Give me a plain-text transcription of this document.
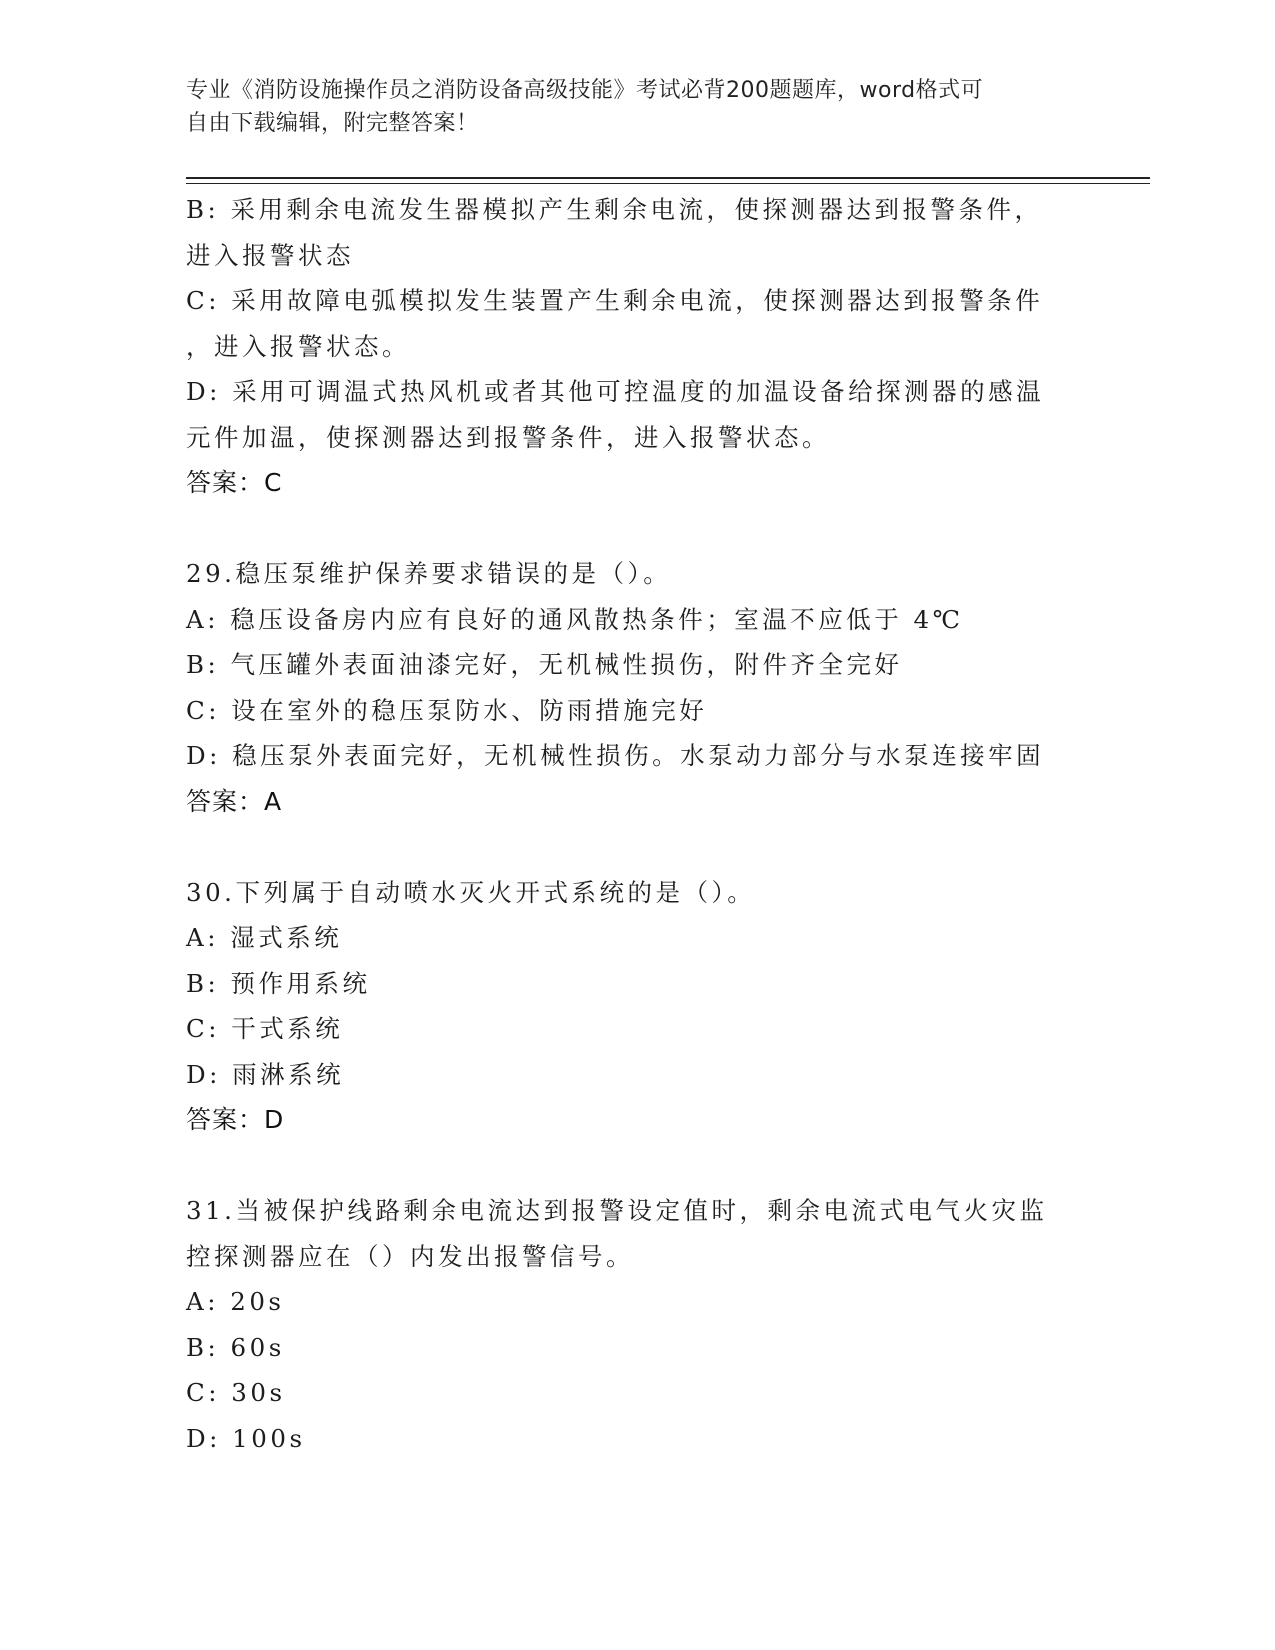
专业《消防设施操作员之消防设备高级技能》考试必背200题题库，word格式可
自由下载编辑，附完整答案！
B: 采用剩余电流发生器模拟产生剩余电流，使探测器达到报警条件，
进入报警状态
C: 采用故障电弧模拟发生装置产生剩余电流，使探测器达到报警条件
，进入报警状态。
D: 采用可调温式热风机或者其他可控温度的加温设备给探测器的感温
元件加温，使探测器达到报警条件，进入报警状态。
答案：C
29.稳压泵维护保养要求错误的是（）。
A: 稳压设备房内应有良好的通风散热条件；室温不应低于 4℃
B: 气压罐外表面油漆完好，无机械性损伤，附件齐全完好
C: 设在室外的稳压泵防水、防雨措施完好
D: 稳压泵外表面完好，无机械性损伤。水泵动力部分与水泵连接牢固
答案：A
30.下列属于自动喷水灭火开式系统的是（）。
A: 湿式系统
B: 预作用系统
C: 干式系统
D: 雨淋系统
答案：D
31.当被保护线路剩余电流达到报警设定值时，剩余电流式电气火灾监
控探测器应在（）内发出报警信号。
A: 20s
B: 60s
C: 30s
D: 100s
